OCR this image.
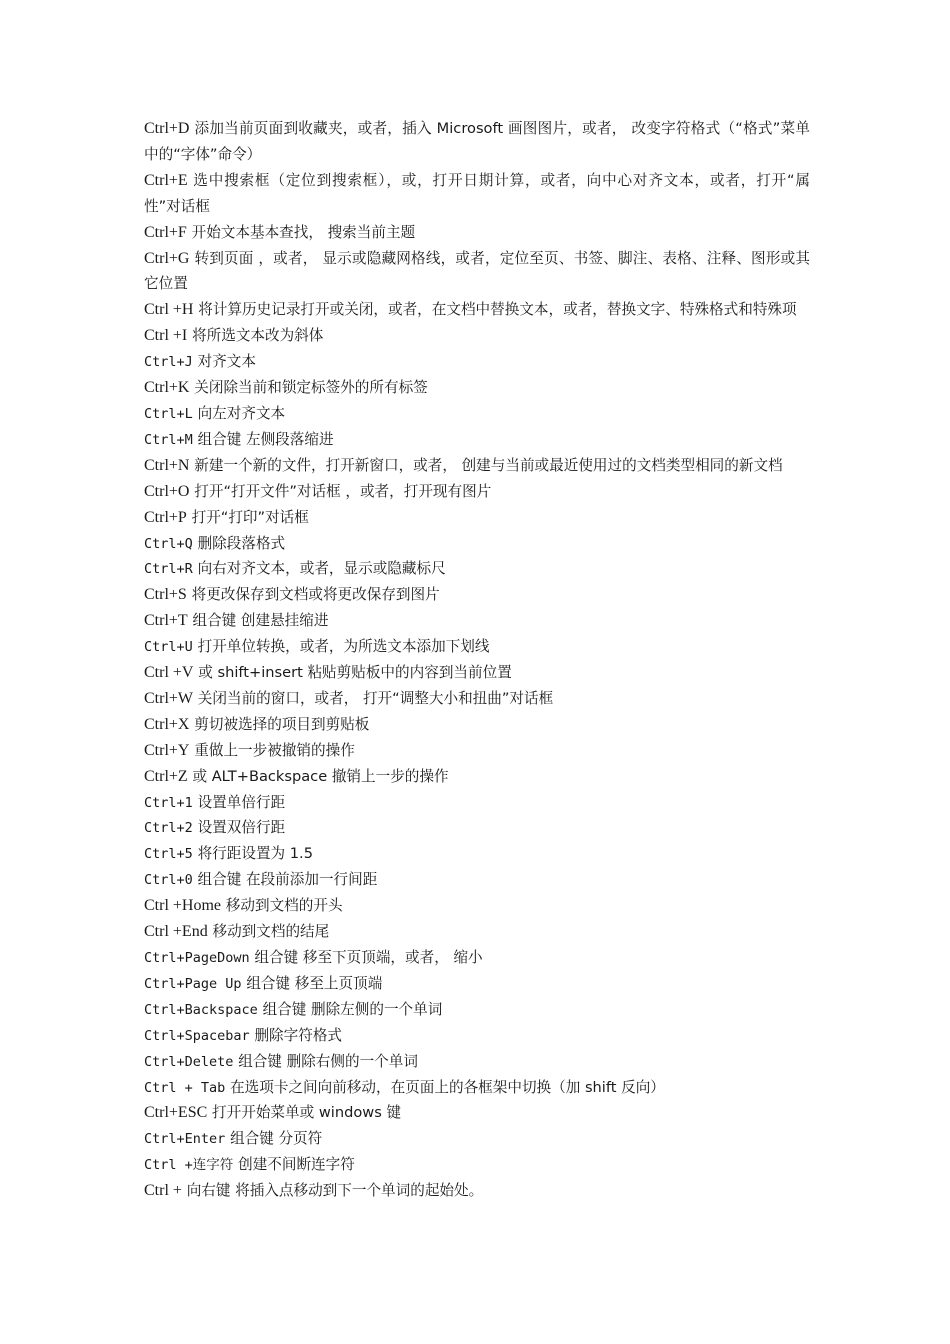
Ctrl+D 添加当前页面到收藏夹，或者，插入 Microsoft 画图图片，或者， 改变字符格式（“格式”菜单中的“字体”命令）

Ctrl+E 选中搜索框（定位到搜索框），或，打开日期计算，或者，向中心对齐文本，或者，打开“属性”对话框

Ctrl+F 开始文本基本查找， 搜索当前主题

Ctrl+G 转到页面 ，或者， 显示或隐藏网格线，或者，定位至页、书签、脚注、表格、注释、图形或其它位置

Ctrl +H 将计算历史记录打开或关闭，或者，在文档中替换文本，或者，替换文字、特殊格式和特殊项

Ctrl +I 将所选文本改为斜体

Ctrl+J 对齐文本

Ctrl+K 关闭除当前和锁定标签外的所有标签

Ctrl+L 向左对齐文本

Ctrl+M 组合键 左侧段落缩进

Ctrl+N 新建一个新的文件，打开新窗口，或者， 创建与当前或最近使用过的文档类型相同的新文档

Ctrl+O 打开“打开文件”对话框 ，或者，打开现有图片

Ctrl+P 打开“打印”对话框

Ctrl+Q 删除段落格式

Ctrl+R 向右对齐文本，或者，显示或隐藏标尺

Ctrl+S 将更改保存到文档或将更改保存到图片

Ctrl+T 组合键 创建悬挂缩进

Ctrl+U 打开单位转换，或者，为所选文本添加下划线

Ctrl +V 或 shift+insert 粘贴剪贴板中的内容到当前位置

Ctrl+W 关闭当前的窗口，或者， 打开“调整大小和扭曲”对话框

Ctrl+X 剪切被选择的项目到剪贴板

Ctrl+Y 重做上一步被撤销的操作

Ctrl+Z 或 ALT+Backspace 撤销上一步的操作

Ctrl+1 设置单倍行距

Ctrl+2 设置双倍行距

Ctrl+5 将行距设置为 1.5

Ctrl+0 组合键 在段前添加一行间距

Ctrl +Home 移动到文档的开头

Ctrl +End 移动到文档的结尾

Ctrl+PageDown 组合键 移至下页顶端，或者， 缩小

Ctrl+Page Up 组合键 移至上页顶端

Ctrl+Backspace 组合键 删除左侧的一个单词

Ctrl+Spacebar 删除字符格式

Ctrl+Delete 组合键 删除右侧的一个单词

Ctrl + Tab 在选项卡之间向前移动，在页面上的各框架中切换（加 shift 反向）

Ctrl+ESC 打开开始菜单或 windows 键

Ctrl+Enter 组合键 分页符

Ctrl +连字符 创建不间断连字符

Ctrl + 向右键 将插入点移动到下一个单词的起始处。
